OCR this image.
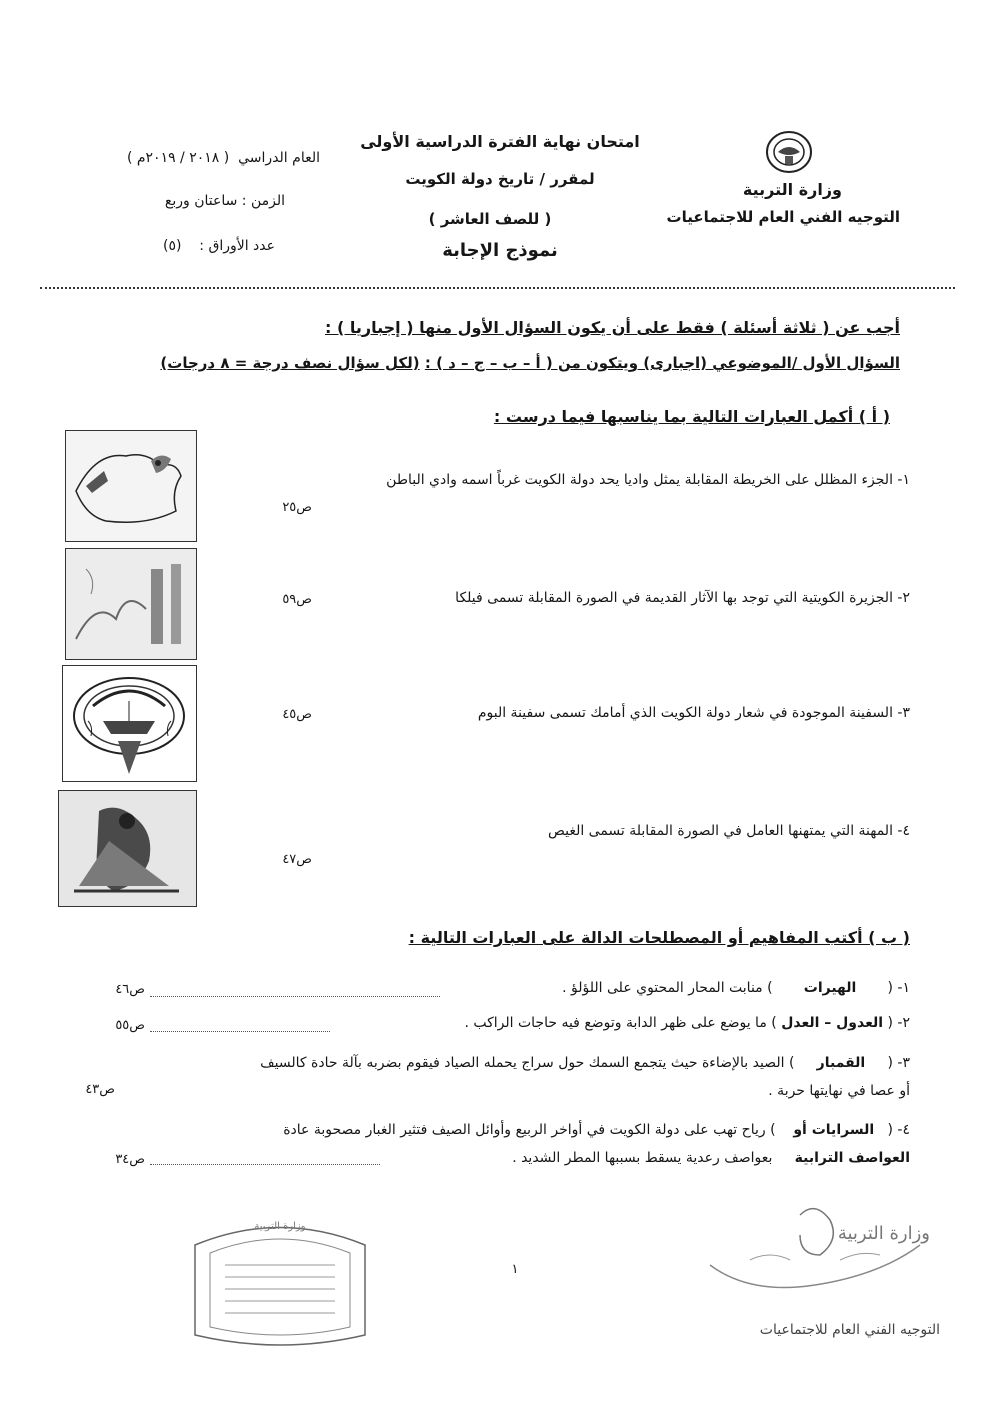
وزارة التربية
التوجيه الفني العام للاجتماعيات
امتحان نهاية الفترة الدراسية الأولى
لمقرر / تاريخ دولة الكويت
( للصف العاشر )
نموذج الإجابة
العام الدراسي  ( ٢٠١٨ / ٢٠١٩م )
الزمن : ساعتان وربع
عدد الأوراق :    (٥)
أجب عن ( ثلاثة أسئلة ) فقط على أن يكون السؤال الأول منها ( إجباريا ) :
السؤال الأول /الموضوعي (اجبارى) ويتكون من ( أ – ب – ج – د ) : (لكل سؤال نصف درجة = ٨ درجات)
( أ ) أكمل العبارات التالية بما يناسبها فيما درست :
١- الجزء المظلل على الخريطة المقابلة يمثل واديا يحد دولة الكويت غرباً اسمه وادي الباطن
ص٢٥
٢- الجزيرة الكويتية التي توجد بها الآثار القديمة في الصورة المقابلة تسمى فيلكا
ص٥٩
٣- السفينة الموجودة في شعار دولة الكويت الذي أمامك تسمى سفينة البوم
ص٤٥
٤- المهنة التي يمتهنها العامل في الصورة المقابلة تسمى الغيص
ص٤٧
( ب ) أكتب المفاهيم أو المصطلحات الدالة على العبارات التالية :
١- (       الهيرات       ) منابت المحار المحتوي على اللؤلؤ .
ص٤٦
٢- ( العدول – العدل ) ما يوضع على ظهر الدابة وتوضع فيه حاجات الراكب .
ص٥٥
٣- (     القمبار     ) الصيد بالإضاءة حيث يتجمع السمك حول سراج يحمله الصياد فيقوم بضربه بآلة حادة كالسيف
أو عصا في نهايتها حربة .
ص٤٣
٤- (   السرايات أو    ) رياح تهب على دولة الكويت في أواخر الربيع وأوائل الصيف فتثير الغبار مصحوبة عادة
العواصف الترابية     بعواصف رعدية يسقط بسببها المطر الشديد .
ص٣٤
وزارة التربية
١
وزارة التربية
التوجيه الفني العام للاجتماعيات
